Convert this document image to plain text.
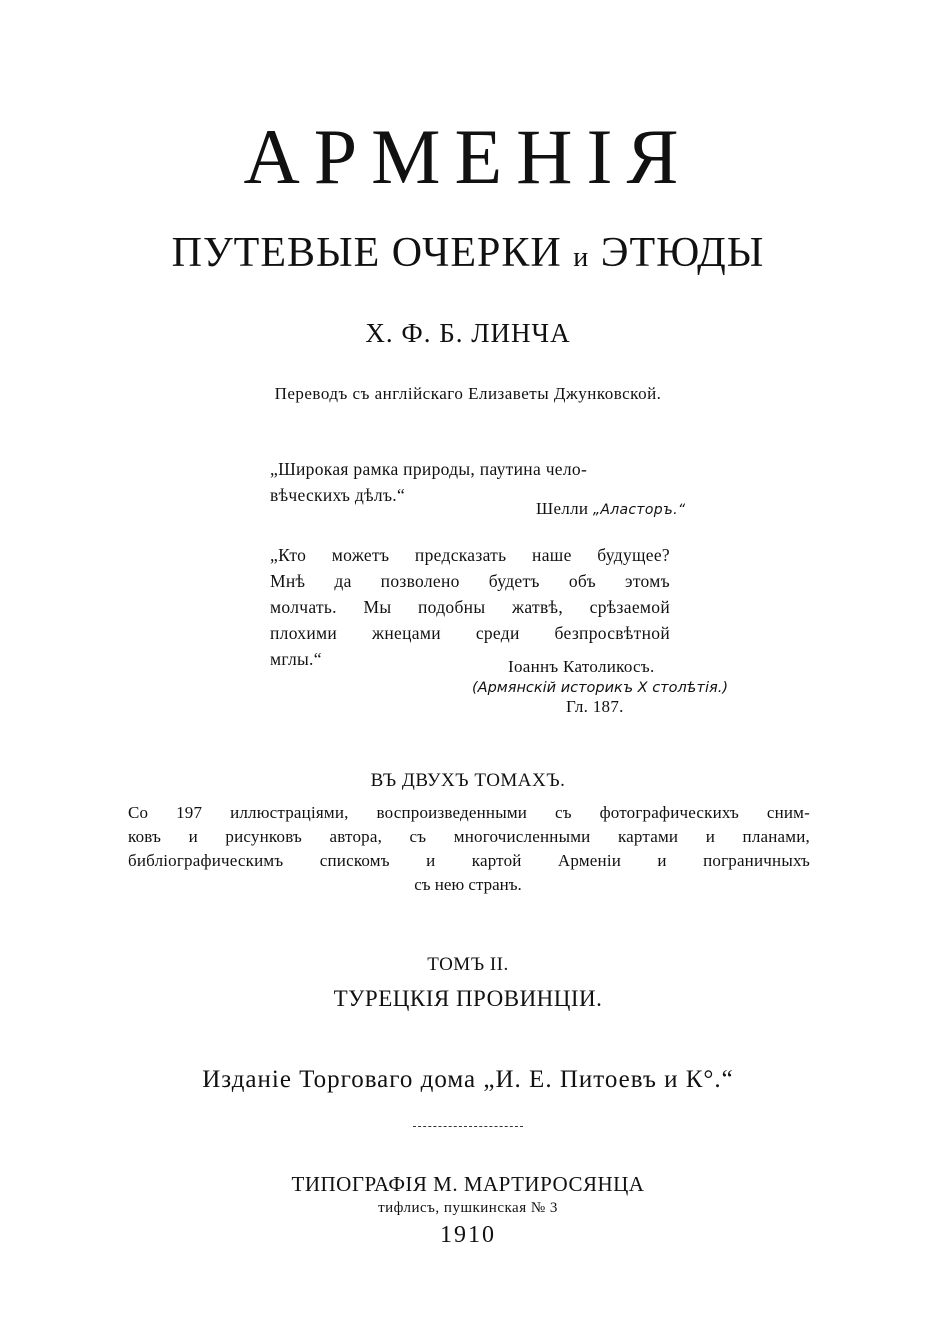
АРМЕНIЯ
ПУТЕВЫЕ ОЧЕРКИ и ЭТЮДЫ
Х. Ф. Б. ЛИНЧА
Переводъ съ англiйскаго Елизаветы Джунковской.
„Широкая рамка природы, паутина чело-
вѣческихъ дѣлъ.“
Шелли „Аласторъ.“
„Кто можетъ предсказать наше будущее?
Мнѣ да позволено будетъ объ этомъ
молчать. Мы подобны жатвѣ, срѣзаемой
плохими жнецами среди безпросвѣтной
мглы.“	Iоаннъ Католикосъ.
(Армянскiй историкъ X столѣтiя.)
Гл. 187.
ВЪ ДВУХЪ ТОМАХЪ.
Со 197 иллюстрацiями, воспроизведенными съ фотографическихъ сним-
ковъ и рисунковъ автора, съ многочисленными картами и планами,
библiографическимъ спискомъ и картой Арменiи и пограничныхъ
съ нею странъ.
ТОМЪ II.
ТУРЕЦКIЯ ПРОВИНЦIИ.
Изданiе Торговаго дома „И. Е. Питоевъ и К°.“
ТИПОГРАФIЯ М. МАРТИРОСЯНЦА
тифлисъ, пушкинская № 3
1910
